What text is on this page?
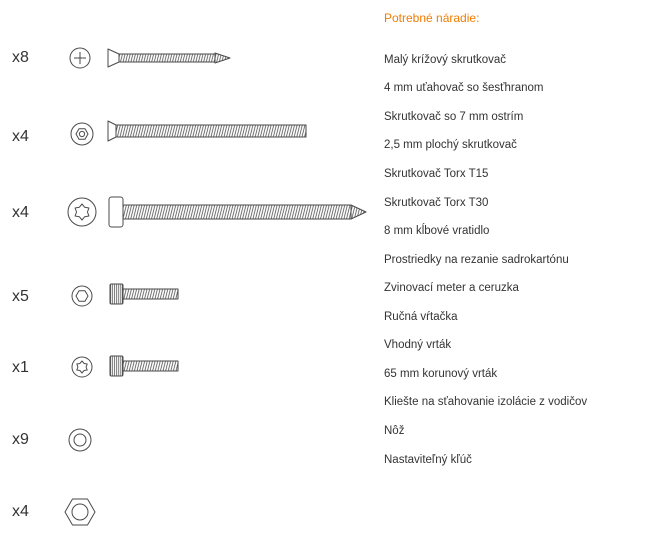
x8
x4
x4
x5
x1
x9
x4
Potrebné náradie:
Malý krížový skrutkovač
4 mm uťahovač so šesťhranom
Skrutkovač so 7 mm ostrím
2,5 mm plochý skrutkovač
Skrutkovač Torx T15
Skrutkovač Torx T30
8 mm kĺbové vratidlo
Prostriedky na rezanie sadrokartónu
Zvinovací meter a ceruzka
Ručná vŕtačka
Vhodný vrták
65 mm korunový vrták
Kliešte na sťahovanie izolácie z vodičov
Nôž
Nastaviteľný kľúč
